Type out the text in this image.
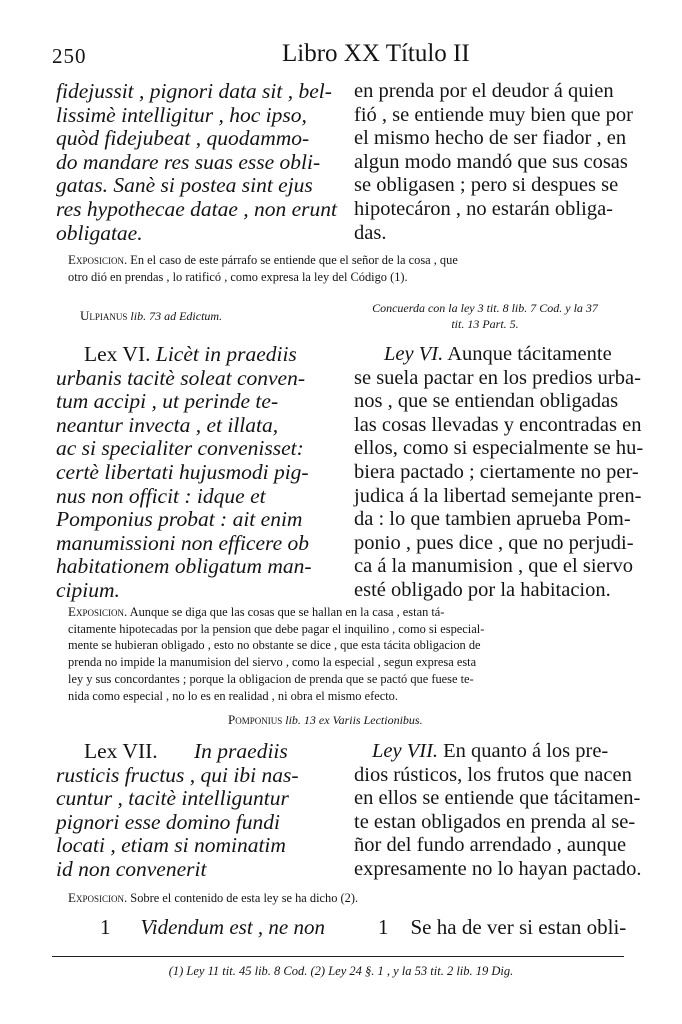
250	Libro XX Título II
fidejussit , pignori data sit , bel-
lissimè intelligitur , hoc ipso,
quòd fidejubeat , quodammo-
do mandare res suas esse obli-
gatas. Sanè si postea sint ejus
res hypothecae datae , non erunt
obligatae.
en prenda por el deudor á quien
fió , se entiende muy bien que por
el mismo hecho de ser fiador , en
algun modo mandó que sus cosas
se obligasen ; pero si despues se
hipotecáron , no estarán obliga-
das.
Exposicion. En el caso de este párrafo se entiende que el señor de la cosa , que
otro dió en prendas , lo ratificó , como expresa la ley del Código (1).
Ulpianus lib. 73 ad Edictum.
Concuerda con la ley 3 tit. 8 lib. 7 Cod. y la 37
tit. 13 Part. 5.
Lex VI. Licèt in praediis
urbanis tacitè soleat conven-
tum accipi , ut perinde te-
neantur invecta , et illata,
ac si specialiter convenisset:
certè libertati hujusmodi pig-
nus non officit : idque et
Pomponius probat : ait enim
manumissioni non efficere ob
habitationem obligatum man-
cipium.
Ley VI. Aunque tácitamente
se suela pactar en los predios urba-
nos , que se entiendan obligadas
las cosas llevadas y encontradas en
ellos, como si especialmente se hu-
biera pactado ; ciertamente no per-
judica á la libertad semejante pren-
da : lo que tambien aprueba Pom-
ponio , pues dice , que no perjudi-
ca á la manumision , que el siervo
esté obligado por la habitacion.
Exposicion. Aunque se diga que las cosas que se hallan en la casa , estan tá-
citamente hipotecadas por la pension que debe pagar el inquilino , como si especial-
mente se hubieran obligado , esto no obstante se dice , que esta tácita obligacion de
prenda no impide la manumision del siervo , como la especial , segun expresa esta
ley y sus concordantes ; porque la obligacion de prenda que se pactó que fuese te-
nida como especial , no lo es en realidad , ni obra el mismo efecto.
Pomponius lib. 13 ex Variis Lectionibus.
Lex VII. In praediis
rusticis fructus , qui ibi nas-
cuntur , tacitè intelliguntur
pignori esse domino fundi
locati , etiam si nominatim
id non convenerit
Ley VII. En quanto á los pre-
dios rústicos, los frutos que nacen
en ellos se entiende que tácitamen-
te estan obligados en prenda al se-
ñor del fundo arrendado , aunque
expresamente no lo hayan pactado.
Exposicion. Sobre el contenido de esta ley se ha dicho (2).
1 Videndum est , ne non	1 Se ha de ver si estan obli-
(1) Ley 11 tit. 45 lib. 8 Cod. (2) Ley 24 §. 1 , y la 53 tit. 2 lib. 19 Dig.
